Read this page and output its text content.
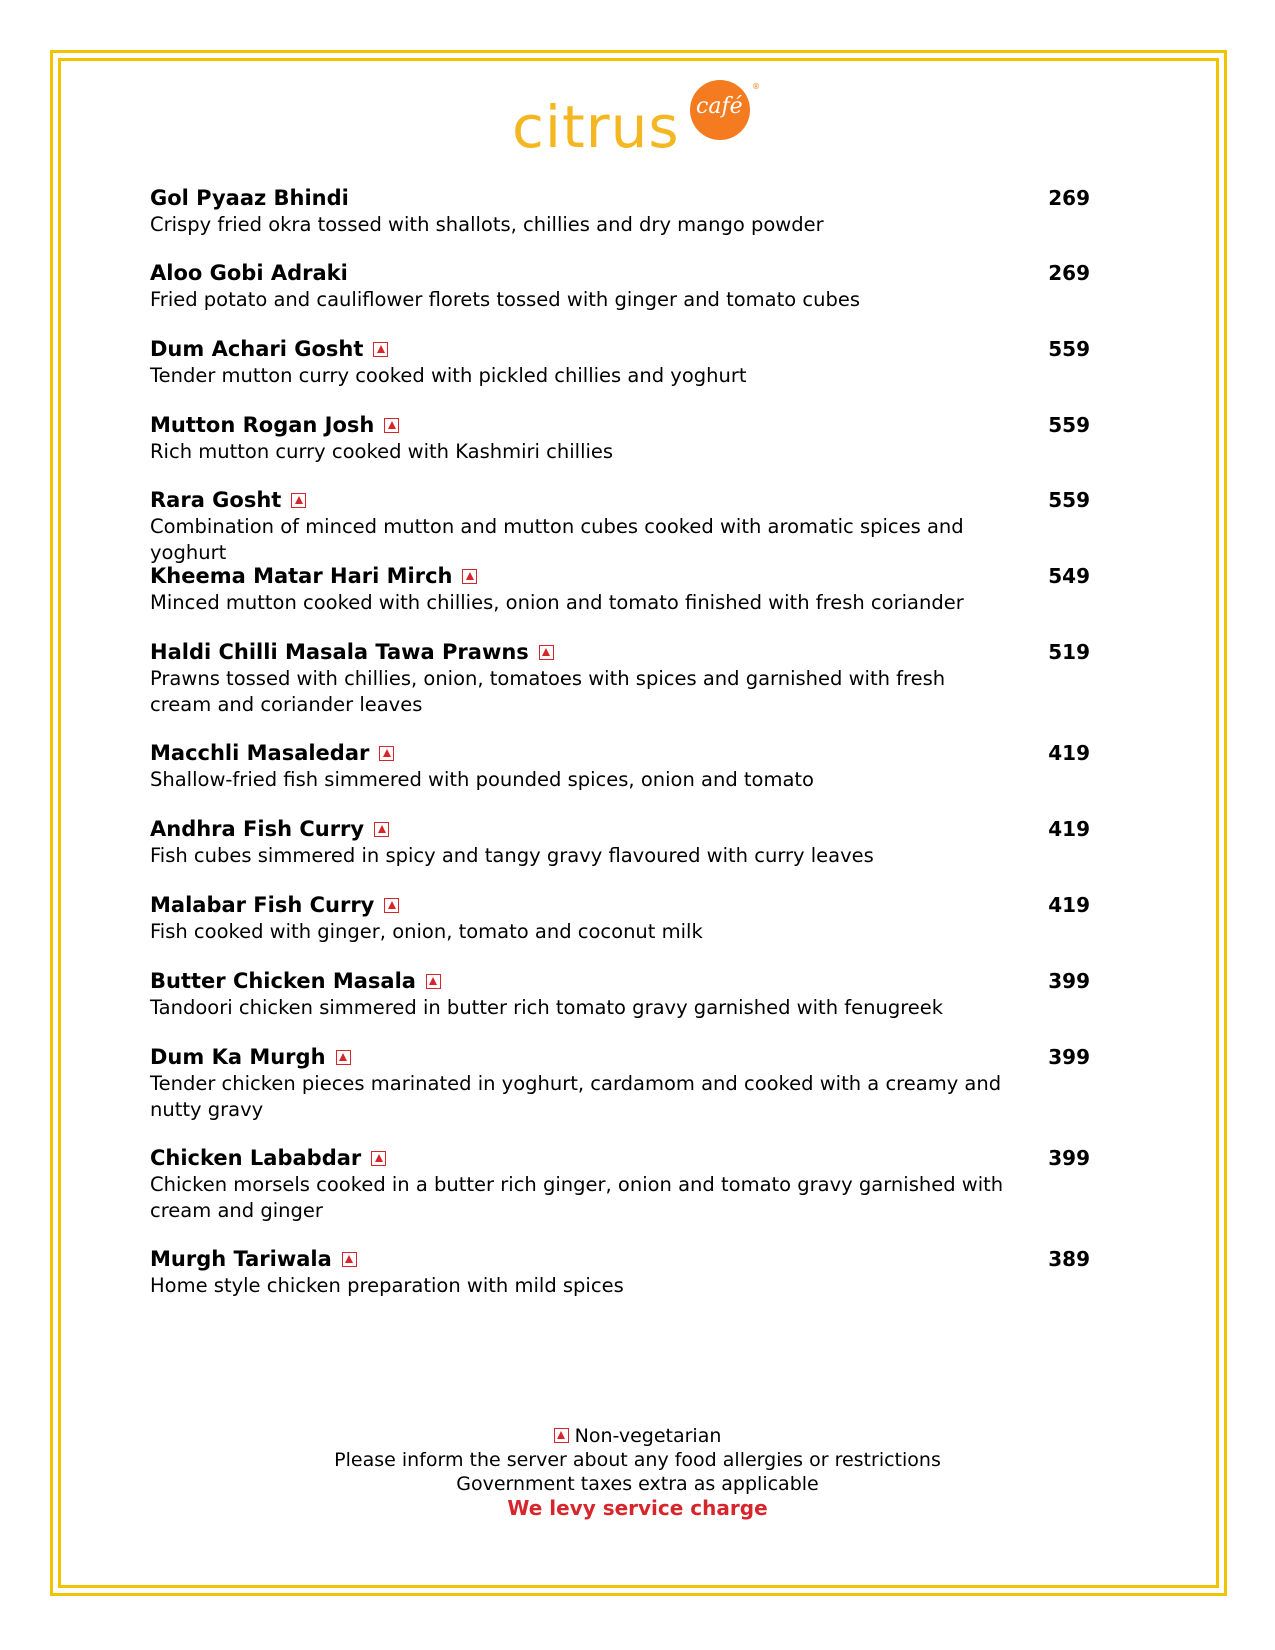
citrus café
®
Gol Pyaaz Bhindi	269
Crispy fried okra tossed with shallots, chillies and dry mango powder
Aloo Gobi Adraki	269
Fried potato and cauliflower florets tossed with ginger and tomato cubes
Dum Achari Gosht	559
Tender mutton curry cooked with pickled chillies and yoghurt
Mutton Rogan Josh	559
Rich mutton curry cooked with Kashmiri chillies
Rara Gosht	559
Combination of minced mutton and mutton cubes cooked with aromatic spices and yoghurt
Kheema Matar Hari Mirch	549
Minced mutton cooked with chillies, onion and tomato finished with fresh coriander
Haldi Chilli Masala Tawa Prawns	519
Prawns tossed with chillies, onion, tomatoes with spices and garnished with fresh cream and coriander leaves
Macchli Masaledar	419
Shallow-fried fish simmered with pounded spices, onion and tomato
Andhra Fish Curry	419
Fish cubes simmered in spicy and tangy gravy flavoured with curry leaves
Malabar Fish Curry	419
Fish cooked with ginger, onion, tomato and coconut milk
Butter Chicken Masala	399
Tandoori chicken simmered in butter rich tomato gravy garnished with fenugreek
Dum Ka Murgh	399
Tender chicken pieces marinated in yoghurt, cardamom and cooked with a creamy and nutty gravy
Chicken Lababdar	399
Chicken morsels cooked in a butter rich ginger, onion and tomato gravy garnished with cream and ginger
Murgh Tariwala	389
Home style chicken preparation with mild spices
Non-vegetarian
Please inform the server about any food allergies or restrictions
Government taxes extra as applicable
We levy service charge
